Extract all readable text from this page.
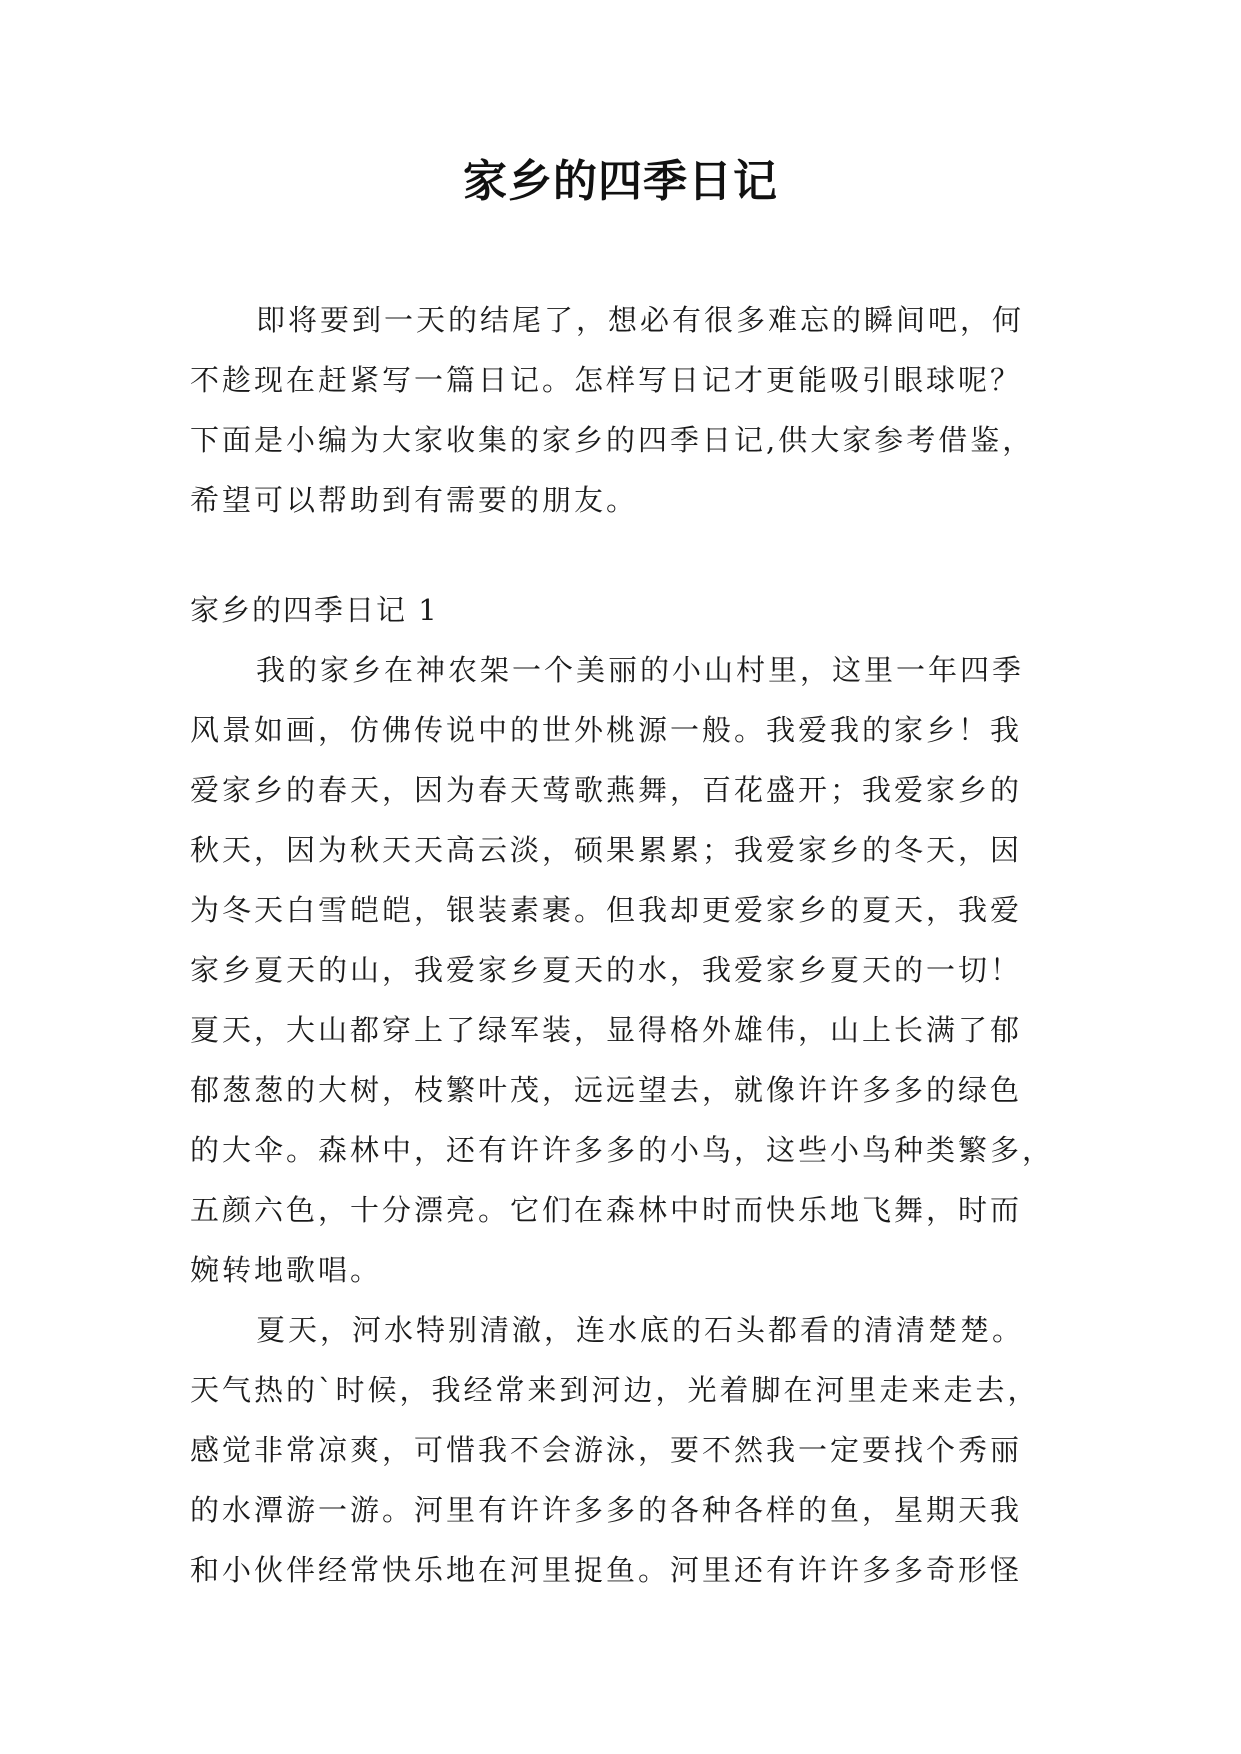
家乡的四季日记
即将要到一天的结尾了，想必有很多难忘的瞬间吧，何
不趁现在赶紧写一篇日记。怎样写日记才更能吸引眼球呢？
下面是小编为大家收集的家乡的四季日记,供大家参考借鉴，
希望可以帮助到有需要的朋友。
家乡的四季日记 1
我的家乡在神农架一个美丽的小山村里，这里一年四季
风景如画，仿佛传说中的世外桃源一般。我爱我的家乡！我
爱家乡的春天，因为春天莺歌燕舞，百花盛开；我爱家乡的
秋天，因为秋天天高云淡，硕果累累；我爱家乡的冬天，因
为冬天白雪皑皑，银装素裹。但我却更爱家乡的夏天，我爱
家乡夏天的山，我爱家乡夏天的水，我爱家乡夏天的一切！
夏天，大山都穿上了绿军装，显得格外雄伟，山上长满了郁
郁葱葱的大树，枝繁叶茂，远远望去，就像许许多多的绿色
的大伞。森林中，还有许许多多的小鸟，这些小鸟种类繁多，
五颜六色，十分漂亮。它们在森林中时而快乐地飞舞，时而
婉转地歌唱。
夏天，河水特别清澈，连水底的石头都看的清清楚楚。
天气热的`时候，我经常来到河边，光着脚在河里走来走去，
感觉非常凉爽，可惜我不会游泳，要不然我一定要找个秀丽
的水潭游一游。河里有许许多多的各种各样的鱼，星期天我
和小伙伴经常快乐地在河里捉鱼。河里还有许许多多奇形怪
